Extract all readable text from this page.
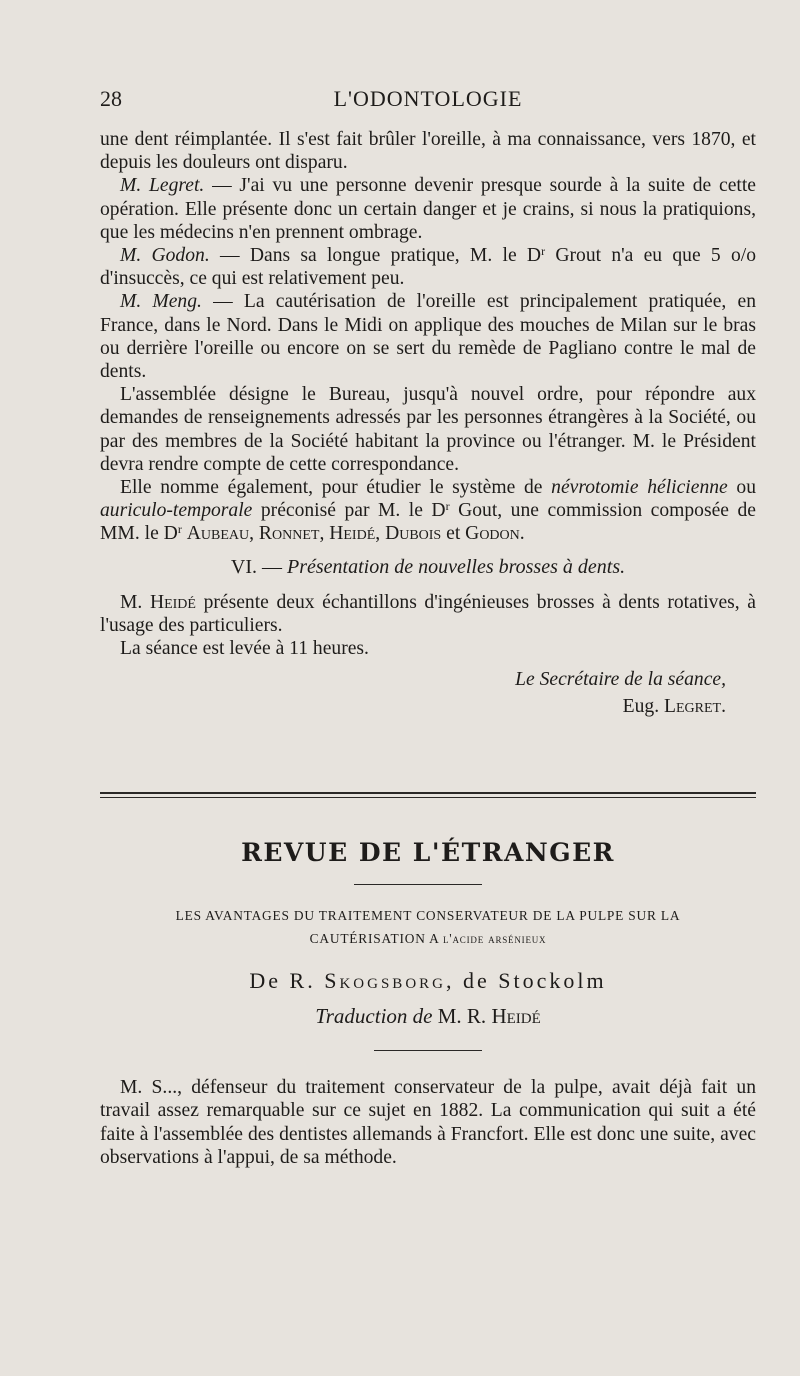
28	L'ODONTOLOGIE

une dent réimplantée. Il s'est fait brûler l'oreille, à ma connaissance, vers 1870, et depuis les douleurs ont disparu.

M. Legret. — J'ai vu une personne devenir presque sourde à la suite de cette opération. Elle présente donc un certain danger et je crains, si nous la pratiquions, que les médecins n'en prennent ombrage.

M. Godon. — Dans sa longue pratique, M. le $D^r$ Grout n'a eu que 5 o/o d'insuccès, ce qui est relativement peu.

M. Meng. — La cautérisation de l'oreille est principalement pratiquée, en France, dans le Nord. Dans le Midi on applique des mouches de Milan sur le bras ou derrière l'oreille ou encore on se sert du remède de Pagliano contre le mal de dents.

L'assemblée désigne le Bureau, jusqu'à nouvel ordre, pour répondre aux demandes de renseignements adressés par les personnes étrangères à la Société, ou par des membres de la Société habitant la province ou l'étranger. M. le Président devra rendre compte de cette correspondance.

Elle nomme également, pour étudier le système de névrotomie hélicienne ou auriculo-temporale préconisé par M. le $D^r$ Gout, une commission composée de MM. le $D^r$ Aubeau, Ronnet, Heidé, Dubois et Godon.

VI. — Présentation de nouvelles brosses à dents.

M. Heidé présente deux échantillons d'ingénieuses brosses à dents rotatives, à l'usage des particuliers.

La séance est levée à 11 heures.

Le Secrétaire de la séance,
Eug. Legret.
REVUE DE L'ÉTRANGER
LES AVANTAGES DU TRAITEMENT CONSERVATEUR DE LA PULPE SUR LA
CAUTÉRISATION A l'acide arsénieux
De R. Skogsborg, de Stockolm
Traduction de M. R. Heidé

M. S..., défenseur du traitement conservateur de la pulpe, avait déjà fait un travail assez remarquable sur ce sujet en 1882. La communication qui suit a été faite à l'assemblée des dentistes allemands à Francfort. Elle est donc une suite, avec observations à l'appui, de sa méthode.
